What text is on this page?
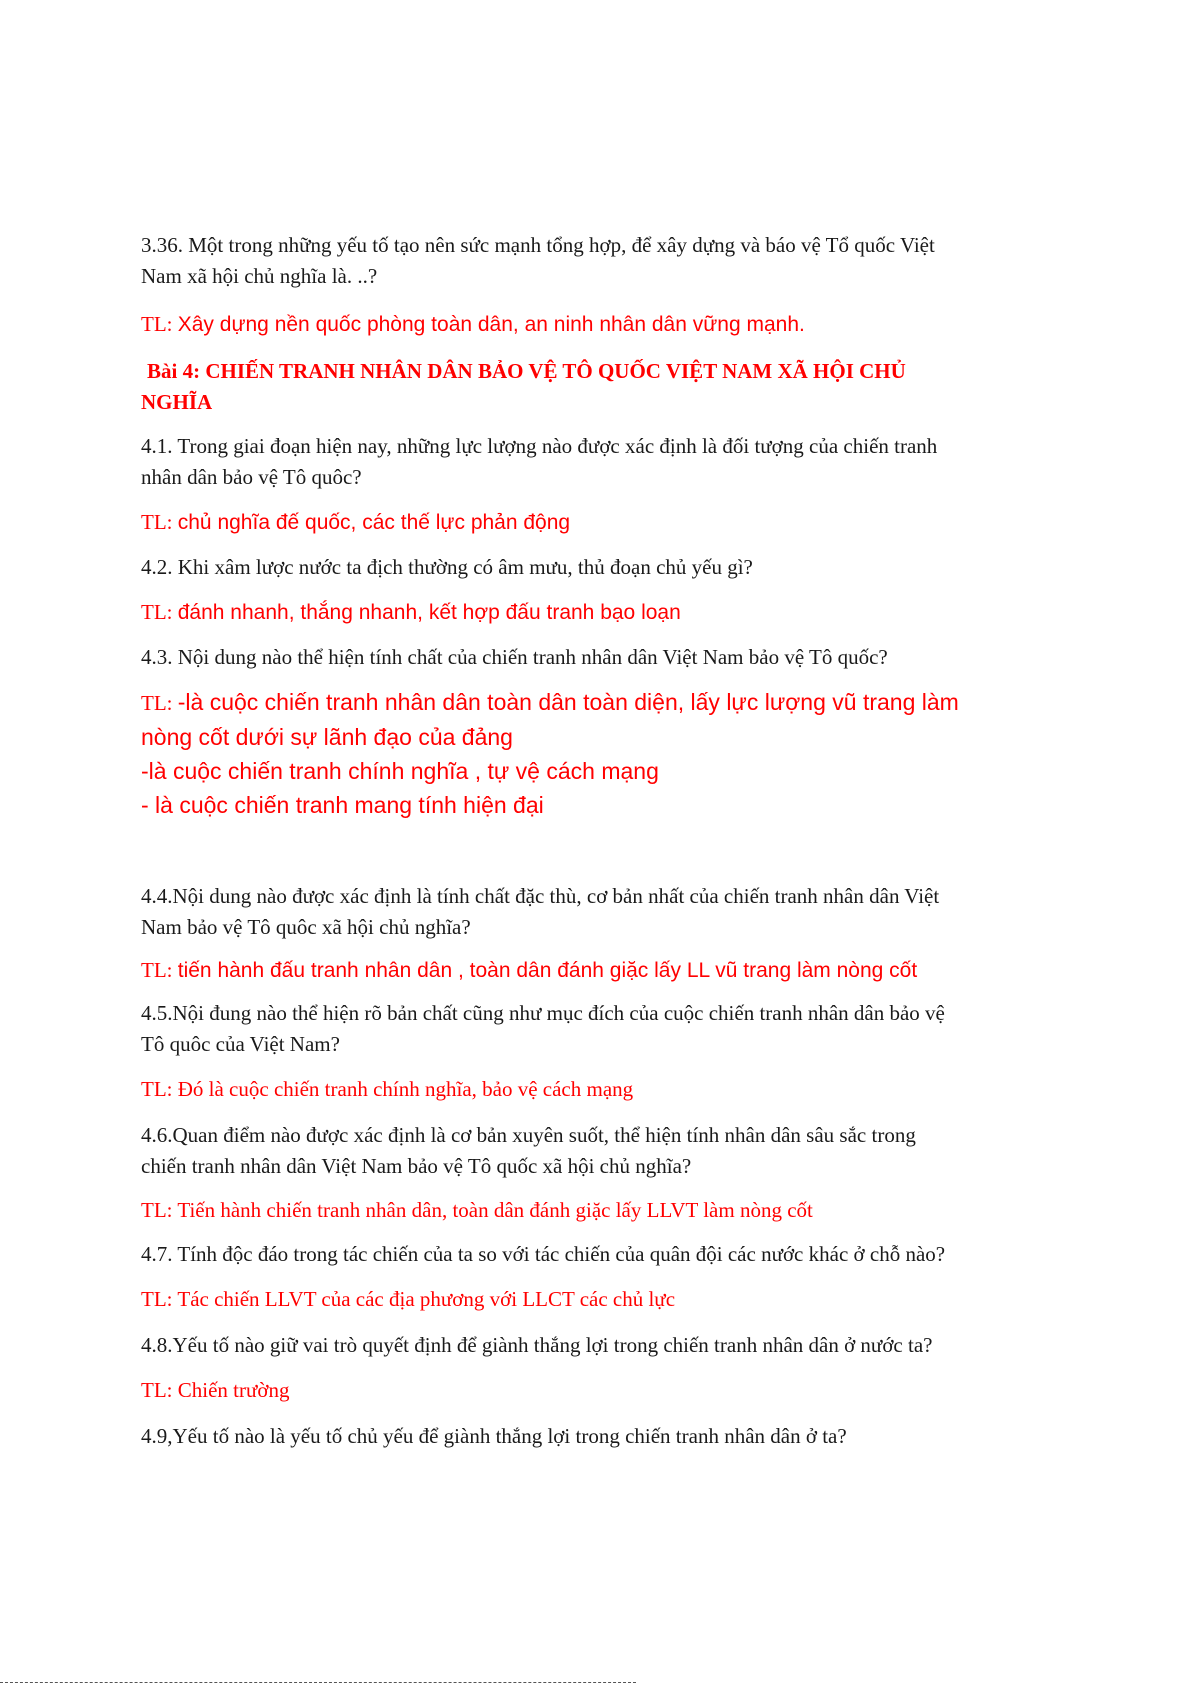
3.36. Một trong những yếu tố tạo nên sức mạnh tổng hợp, để xây dựng và báo vệ Tổ quốc Việt
Nam xã hội chủ nghĩa là. ..?

TL: Xây dựng nền quốc phòng toàn dân, an ninh nhân dân vững mạnh.

Bài 4: CHIẾN TRANH NHÂN DÂN BẢO VỆ TÔ QUỐC VIỆT NAM XÃ HỘI CHỦ
NGHĨA

4.1. Trong giai đoạn hiện nay, những lực lượng nào được xác định là đối tượng của chiến tranh
nhân dân bảo vệ Tô quôc?

TL: chủ nghĩa đế quốc, các thế lực phản động

4.2. Khi xâm lược nước ta địch thường có âm mưu, thủ đoạn chủ yếu gì?

TL: đánh nhanh, thắng nhanh, kết hợp đấu tranh bạo loạn

4.3. Nội dung nào thể hiện tính chất của chiến tranh nhân dân Việt Nam bảo vệ Tô quốc?

TL: -là cuộc chiến tranh nhân dân toàn dân toàn diện, lấy lực lượng vũ trang làm
nòng cốt dưới sự lãnh đạo của đảng
-là cuộc chiến tranh chính nghĩa , tự vệ cách mạng
- là cuộc chiến tranh mang tính hiện đại

4.4.Nội dung nào được xác định là tính chất đặc thù, cơ bản nhất của chiến tranh nhân dân Việt
Nam bảo vệ Tô quôc xã hội chủ nghĩa?

TL: tiến hành đấu tranh nhân dân , toàn dân đánh giặc lấy LL vũ trang làm nòng cốt

4.5.Nội đung nào thể hiện rõ bản chất cũng như mục đích của cuộc chiến tranh nhân dân bảo vệ
Tô quôc của Việt Nam?

TL: Đó là cuộc chiến tranh chính nghĩa, bảo vệ cách mạng

4.6.Quan điểm nào được xác định là cơ bản xuyên suốt, thể hiện tính nhân dân sâu sắc trong
chiến tranh nhân dân Việt Nam bảo vệ Tô quốc xã hội chủ nghĩa?

TL: Tiến hành chiến tranh nhân dân, toàn dân đánh giặc lấy LLVT làm nòng cốt

4.7. Tính độc đáo trong tác chiến của ta so với tác chiến của quân đội các nước khác ở chỗ nào?

TL: Tác chiến LLVT của các địa phương với LLCT các chủ lực

4.8.Yếu tố nào giữ vai trò quyết định để giành thắng lợi trong chiến tranh nhân dân ở nước ta?

TL: Chiến trường

4.9,Yếu tố nào là yếu tố chủ yếu để giành thắng lợi trong chiến tranh nhân dân ở ta?
